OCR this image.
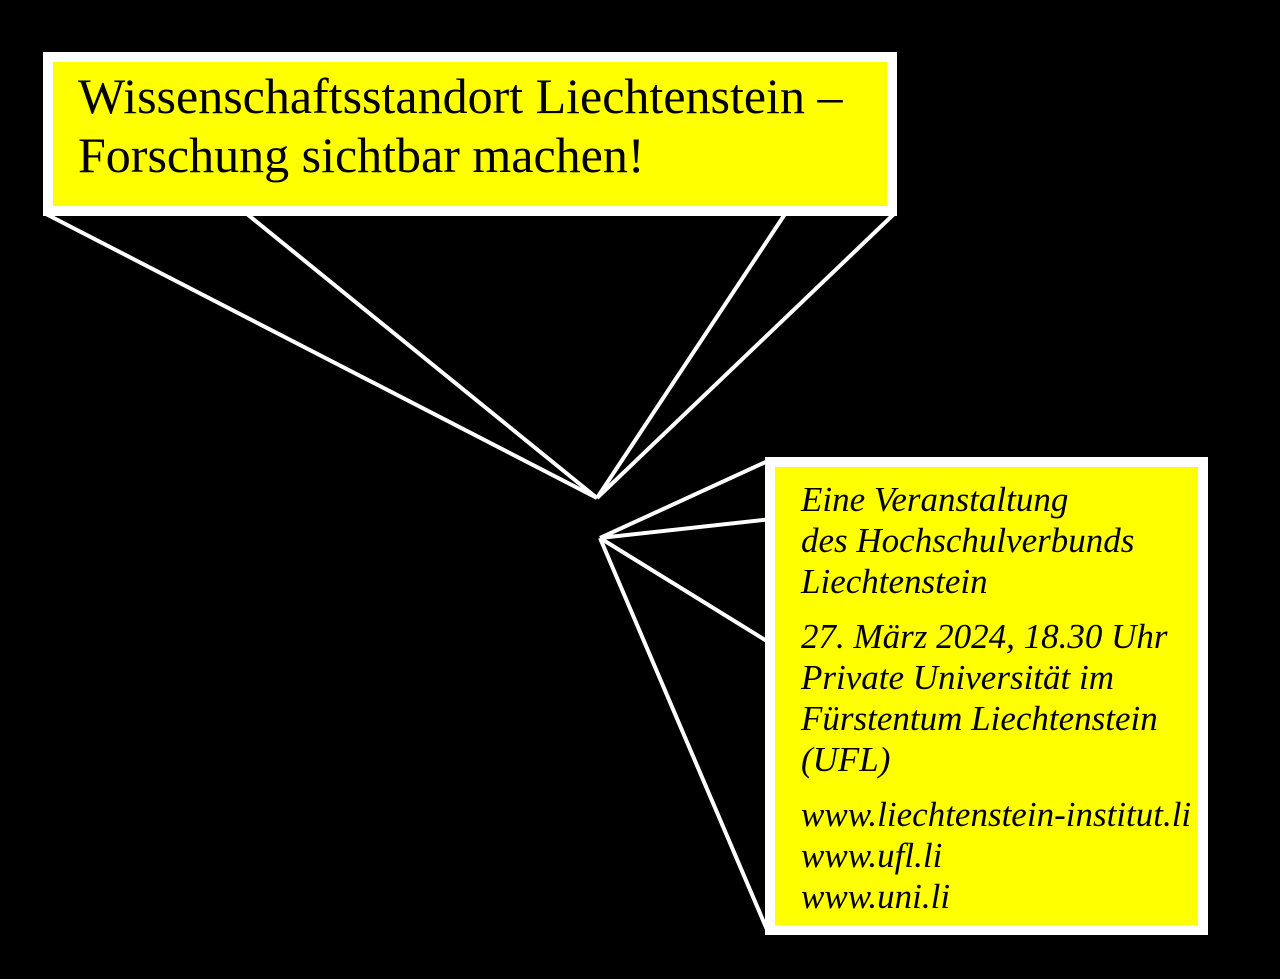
Wissenschaftsstandort Liechtenstein –
Forschung sichtbar machen!

Eine Veranstaltung
des Hochschulverbunds
Liechtenstein

27. März 2024, 18.30 Uhr
Private Universität im
Fürstentum Liechtenstein
(UFL)

www.liechtenstein-institut.li
www.ufl.li
www.uni.li
